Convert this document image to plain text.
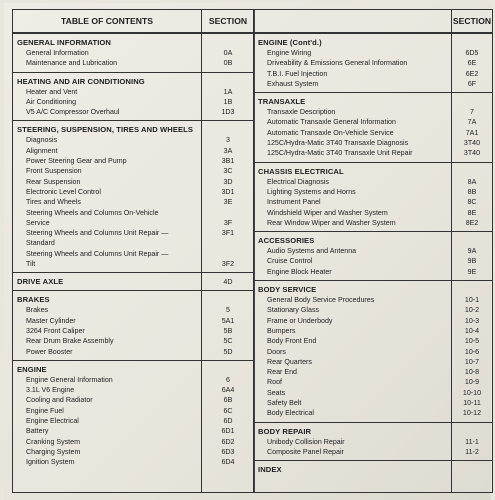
TABLE OF CONTENTS	SECTION
GENERAL INFORMATION
General Information	0A
Maintenance and Lubrication	0B
HEATING AND AIR CONDITIONING
Heater and Vent	1A
Air Conditioning	1B
V5 A/C Compressor Overhaul	1D3
STEERING, SUSPENSION, TIRES AND WHEELS
Diagnosis	3
Alignment	3A
Power Steering Gear and Pump	3B1
Front Suspension	3C
Rear Suspension	3D
Electronic Level Control	3D1
Tires and Wheels	3E
Steering Wheels and Columns On-Vehicle
Service	3F
Steering Wheels and Columns Unit Repair —	3F1
Standard
Steering Wheels and Columns Unit Repair —
Tilt	3F2
DRIVE AXLE	4D
BRAKES
Brakes	5
Master Cylinder	5A1
3264 Front Caliper	5B
Rear Drum Brake Assembly	5C
Power Booster	5D
ENGINE
Engine General Information	6
3.1L V6 Engine	6A4
Cooling and Radiator	6B
Engine Fuel	6C
Engine Electrical	6D
Battery	6D1
Cranking System	6D2
Charging System	6D3
Ignition System	6D4
SECTION
ENGINE (Cont'd.)
Engine Wiring	6D5
Driveability & Emissions General Information	6E
T.B.I. Fuel Injection	6E2
Exhaust System	6F
TRANSAXLE
Transaxle Description	7
Automatic Transaxle General Information	7A
Automatic Transaxle On-Vehicle Service	7A1
125C/Hydra-Matic 3T40 Transaxle Diagnosis	3T40
125C/Hydra-Matic 3T40 Transaxle Unit Repair	3T40
CHASSIS ELECTRICAL
Electrical Diagnosis	8A
Lighting Systems and Horns	8B
Instrument Panel	8C
Windshield Wiper and Washer System	8E
Rear Window Wiper and Washer System	8E2
ACCESSORIES
Audio Systems and Antenna	9A
Cruise Control	9B
Engine Block Heater	9E
BODY SERVICE
General Body Service Procedures	10-1
Stationary Glass	10-2
Frame or Underbody	10-3
Bumpers	10-4
Body Front End	10-5
Doors	10-6
Rear Quarters	10-7
Rear End	10-8
Roof	10-9
Seats	10-10
Safety Belt	10-11
Body Electrical	10-12
BODY REPAIR
Unibody Collision Repair	11-1
Composite Panel Repair	11-2
INDEX
